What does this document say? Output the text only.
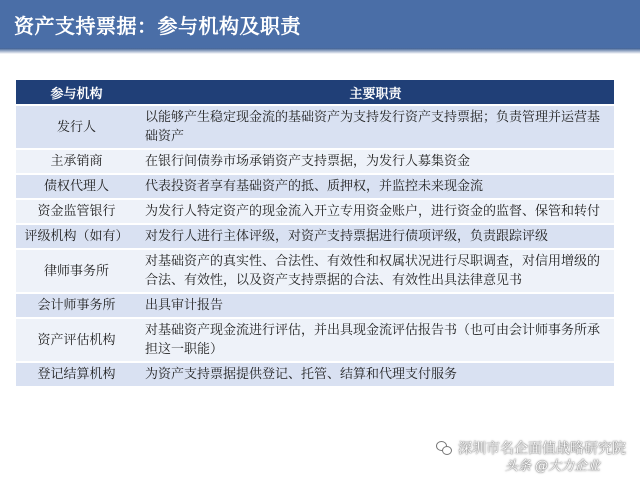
资产支持票据：参与机构及职责
参与机构	主要职责
发行人	以能够产生稳定现金流的基础资产为支持发行资产支持票据；负责管理并运营基础资产
主承销商	在银行间债券市场承销资产支持票据，为发行人募集资金
债权代理人	代表投资者享有基础资产的抵、质押权，并监控未来现金流
资金监管银行	为发行人特定资产的现金流入开立专用资金账户，进行资金的监督、保管和转付
评级机构（如有）	对发行人进行主体评级，对资产支持票据进行债项评级，负责跟踪评级
律师事务所	对基础资产的真实性、合法性、有效性和权属状况进行尽职调查，对信用增级的合法、有效性，以及资产支持票据的合法、有效性出具法律意见书
会计师事务所	出具审计报告
资产评估机构	对基础资产现金流进行评估，并出具现金流评估报告书（也可由会计师事务所承担这一职能）
登记结算机构	为资产支持票据提供登记、托管、结算和代理支付服务
深圳市名企面值战略研究院
头条 @大力企业
